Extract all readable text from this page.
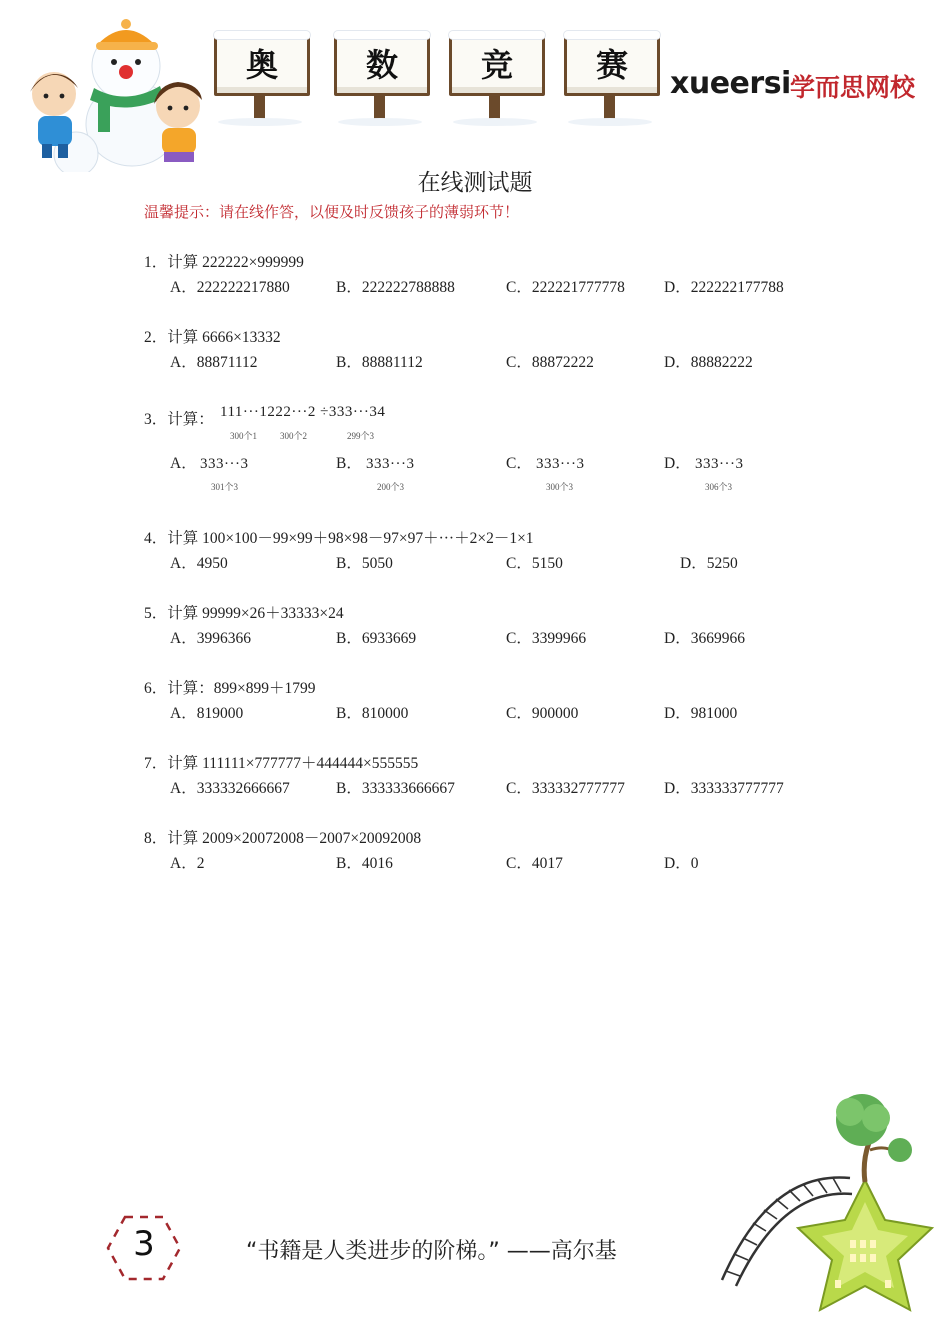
奥	数	竞	赛	xueersi 学而思网校
在线测试题
温馨提示：请在线作答，以便及时反馈孩子的薄弱环节！
1．计算 222222×999999
A．222222217880	B．222222788888	C．222221777778	D．222222177788
2．计算 6666×13332
A．88871112	B．88881112	C．88872222	D．88882222
3．计算： 111···1222···2 ÷333···34
300个1	300个2	299个3
A． 333···3
301个3
B． 333···3
200个3
C． 333···3
300个3
D． 333···3
306个3
4．计算 100×100－99×99＋98×98－97×97＋···＋2×2－1×1
A．4950	B．5050	C．5150	D．5250
5．计算 99999×26＋33333×24
A．3996366	B．6933669	C．3399966	D．3669966
6．计算：899×899＋1799
A．819000	B．810000	C．900000	D．981000
7．计算 111111×777777＋444444×555555
A．333332666667	B．333333666667	C．333332777777	D．333333777777
8．计算 2009×20072008－2007×20092008
A．2	B．4016	C．4017	D．0
3	“书籍是人类进步的阶梯。” ——高尔基
